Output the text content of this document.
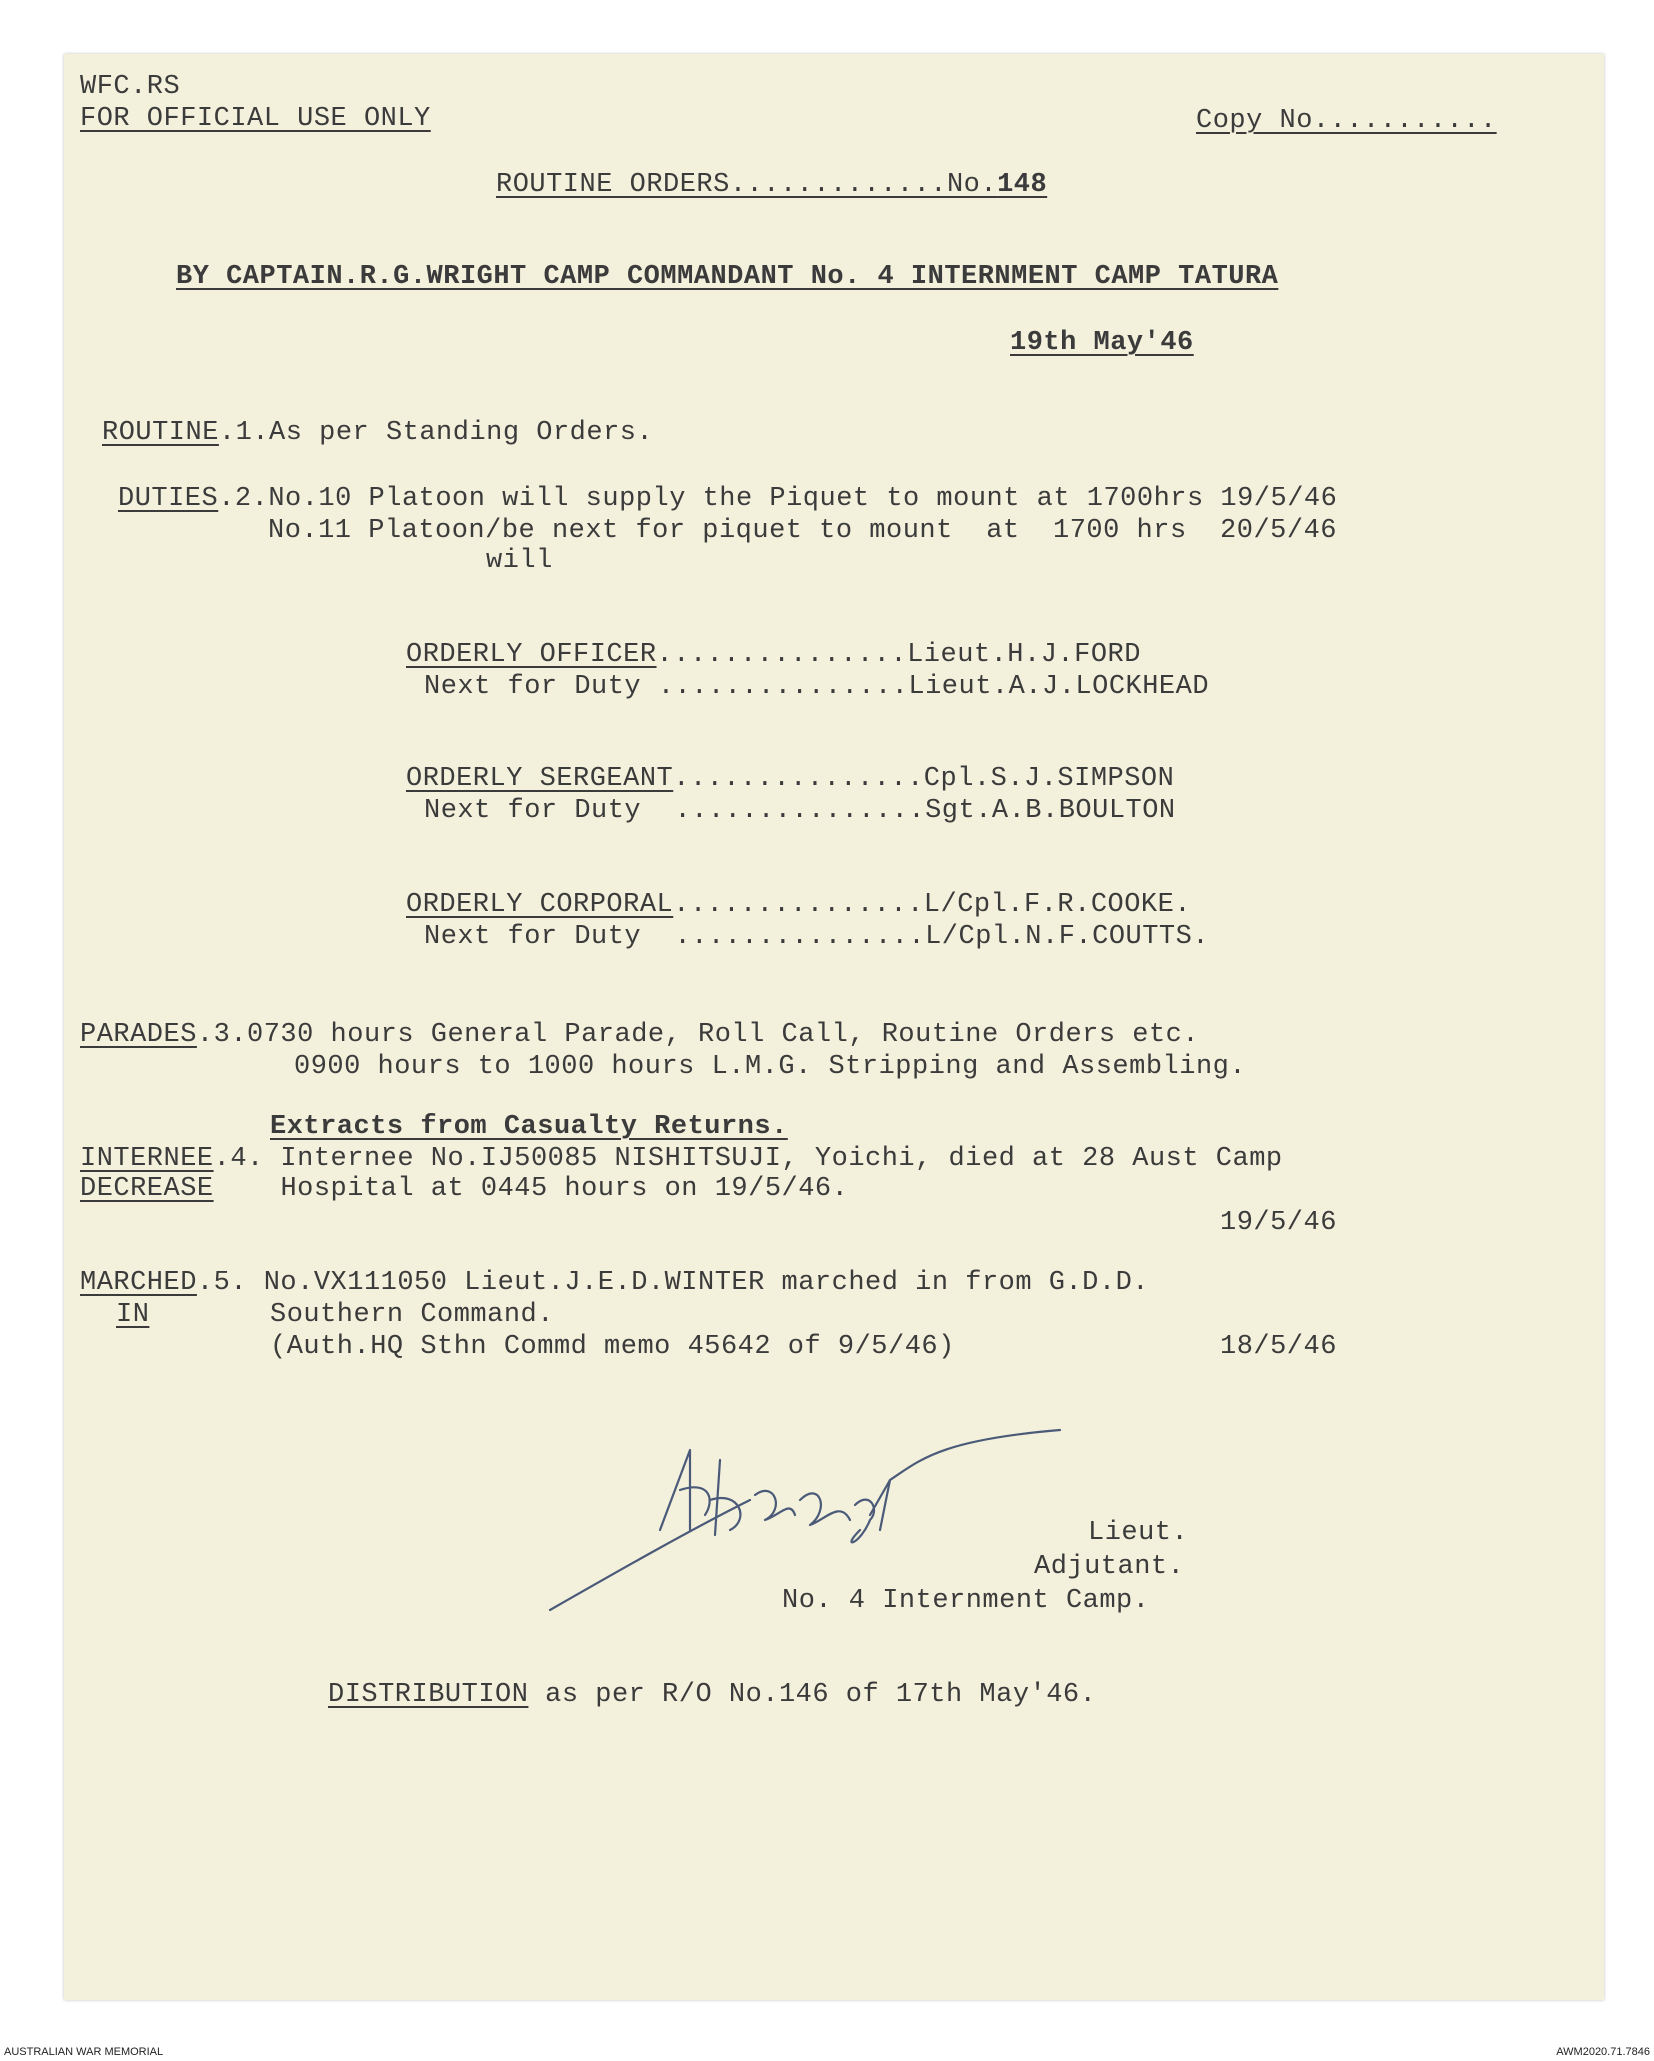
WFC.RS
FOR OFFICIAL USE ONLY	Copy No...........
ROUTINE ORDERS.............No.148
BY CAPTAIN.R.G.WRIGHT CAMP COMMANDANT No. 4 INTERNMENT CAMP TATURA
19th May'46
ROUTINE.1.As per Standing Orders.
DUTIES.2.No.10 Platoon will supply the Piquet to mount at 1700hrs 19/5/46
No.11 Platoon/be next for piquet to mount  at  1700 hrs  20/5/46
will
ORDERLY OFFICER...............Lieut.H.J.FORD
Next for Duty ...............Lieut.A.J.LOCKHEAD
ORDERLY SERGEANT...............Cpl.S.J.SIMPSON
Next for Duty ...............Sgt.A.B.BOULTON
ORDERLY CORPORAL...............L/Cpl.F.R.COOKE.
Next for Duty ...............L/Cpl.N.F.COUTTS.
PARADES.3.0730 hours General Parade, Roll Call, Routine Orders etc.
0900 hours to 1000 hours L.M.G. Stripping and Assembling.
Extracts from Casualty Returns.
INTERNEE.4. Internee No.IJ50085 NISHITSUJI, Yoichi, died at 28 Aust Camp
DECREASE Hospital at 0445 hours on 19/5/46.
19/5/46
MARCHED.5. No.VX111050 Lieut.J.E.D.WINTER marched in from G.D.D.
IN	Southern Command.
(Auth.HQ Sthn Commd memo 45642 of 9/5/46)	18/5/46
Lieut.
Adjutant.
No. 4 Internment Camp.
DISTRIBUTION as per R/O No.146 of 17th May'46.
AUSTRALIAN WAR MEMORIAL	AWM2020.71.7846
